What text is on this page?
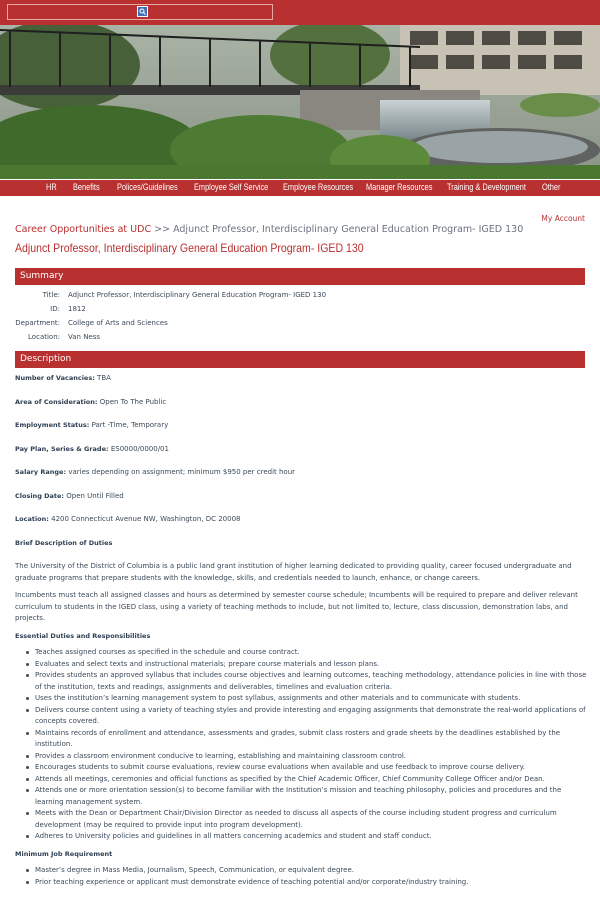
HR Benefits Polices/Guidelines Employee Self Service Employee Resources Manager Resources Training & Development Other
My Account
Career Opportunities at UDC >> Adjunct Professor, Interdisciplinary General Education Program- IGED 130
Adjunct Professor, Interdisciplinary General Education Program- IGED 130
Summary
Title: Adjunct Professor, Interdisciplinary General Education Program- IGED 130
ID: 1812
Department: College of Arts and Sciences
Location: Van Ness
Description
Number of Vacancies: TBA
Area of Consideration: Open To The Public
Employment Status: Part -Time, Temporary
Pay Plan, Series & Grade: ES0000/0000/01
Salary Range: varies depending on assignment; minimum $950 per credit hour
Closing Date: Open Until Filled
Location: 4200 Connecticut Avenue NW, Washington, DC 20008
Brief Description of Duties

The University of the District of Columbia is a public land grant institution of higher learning dedicated to providing quality, career focused undergraduate and graduate programs that prepare students with the knowledge, skills, and credentials needed to launch, enhance, or change careers.

Incumbents must teach all assigned classes and hours as determined by semester course schedule; Incumbents will be required to prepare and deliver relevant curriculum to students in the IGED class, using a variety of teaching methods to include, but not limited to, lecture, class discussion, demonstration labs, and projects.

Essential Duties and Responsibilities
Teaches assigned courses as specified in the schedule and course contract.
Evaluates and select texts and instructional materials; prepare course materials and lesson plans.
Provides students an approved syllabus that includes course objectives and learning outcomes, teaching methodology, attendance policies in line with those of the institution, texts and readings, assignments and deliverables, timelines and evaluation criteria.
Uses the institution’s learning management system to post syllabus, assignments and other materials and to communicate with students.
Delivers course content using a variety of teaching styles and provide interesting and engaging assignments that demonstrate the real-world applications of concepts covered.
Maintains records of enrollment and attendance, assessments and grades, submit class rosters and grade sheets by the deadlines established by the institution.
Provides a classroom environment conducive to learning, establishing and maintaining classroom control.
Encourages students to submit course evaluations, review course evaluations when available and use feedback to improve course delivery.
Attends all meetings, ceremonies and official functions as specified by the Chief Academic Officer, Chief Community College Officer and/or Dean.
Attends one or more orientation session(s) to become familiar with the Institution’s mission and teaching philosophy, policies and procedures and the learning management system.
Meets with the Dean or Department Chair/Division Director as needed to discuss all aspects of the course including student progress and curriculum development (may be required to provide input into program development).
Adheres to University policies and guidelines in all matters concerning academics and student and staff conduct.
Minimum Job Requirement
Master’s degree in Mass Media, Journalism, Speech, Communication, or equivalent degree.
Prior teaching experience or applicant must demonstrate evidence of teaching potential and/or corporate/industry training.
